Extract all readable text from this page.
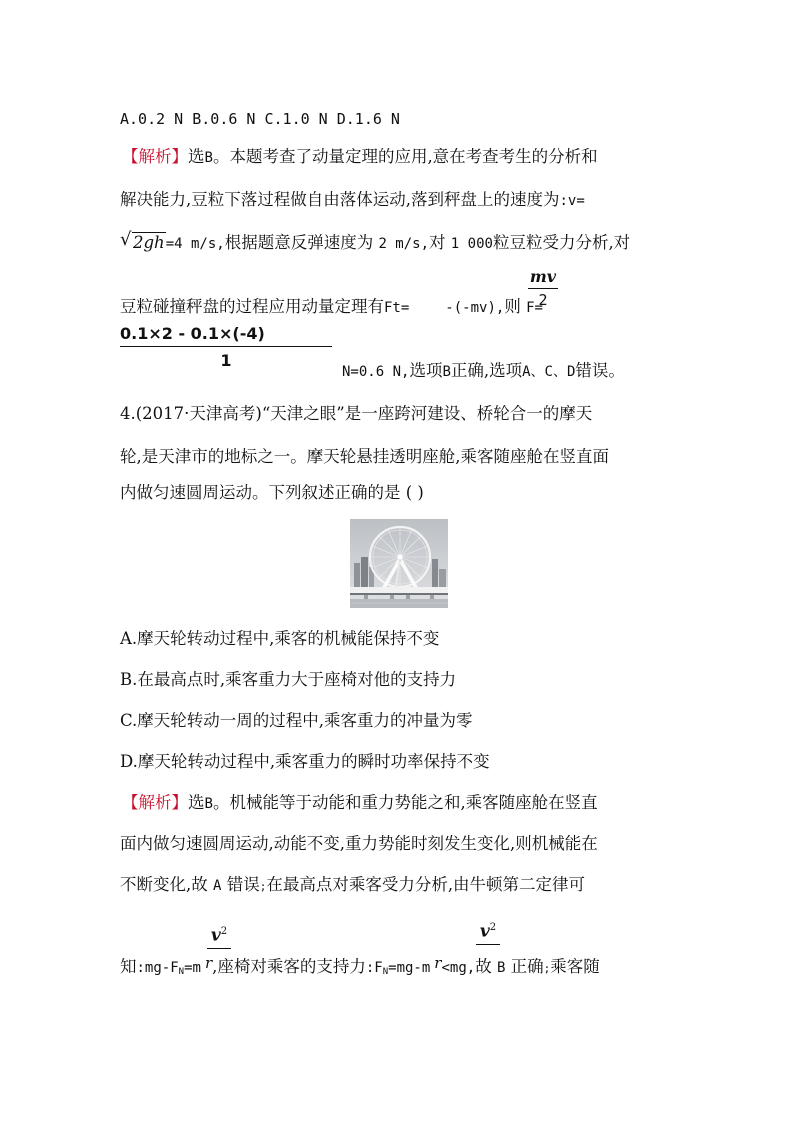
A.0.2 N B.0.6 N C.1.0 N D.1.6 N
【解析】选B。本题考查了动量定理的应用,意在考查考生的分析和
解决能力,豆粒下落过程做自由落体运动,落到秤盘上的速度为:v=
√ 2gh=4 m/s,根据题意反弹速度为 2 m/s,对 1 000粒豆粒受力分析,对
mv
2
豆粒碰撞秤盘的过程应用动量定理有Ft=	-(-mv),则 F=
$\frac{0.1\times 2 - 0.1\times(-4)}{1}$
N=0.6 N,选项B正确,选项A、C、D错误。
4.(2017·天津高考)“天津之眼”是一座跨河建设、桥轮合一的摩天
轮,是天津市的地标之一。摩天轮悬挂透明座舱,乘客随座舱在竖直面
内做匀速圆周运动。下列叙述正确的是 ( )
A.摩天轮转动过程中,乘客的机械能保持不变
B.在最高点时,乘客重力大于座椅对他的支持力
C.摩天轮转动一周的过程中,乘客重力的冲量为零
D.摩天轮转动过程中,乘客重力的瞬时功率保持不变
【解析】选B。机械能等于动能和重力势能之和,乘客随座舱在竖直
面内做匀速圆周运动,动能不变,重力势能时刻发生变化,则机械能在
不断变化,故 A 错误;在最高点对乘客受力分析,由牛顿第二定律可
$v^2$	$v^2$
知$:mg-F_N=m$ r,座椅对乘客的支持力$:F_N=mg-m$ r<mg,故 B 正确;乘客随
